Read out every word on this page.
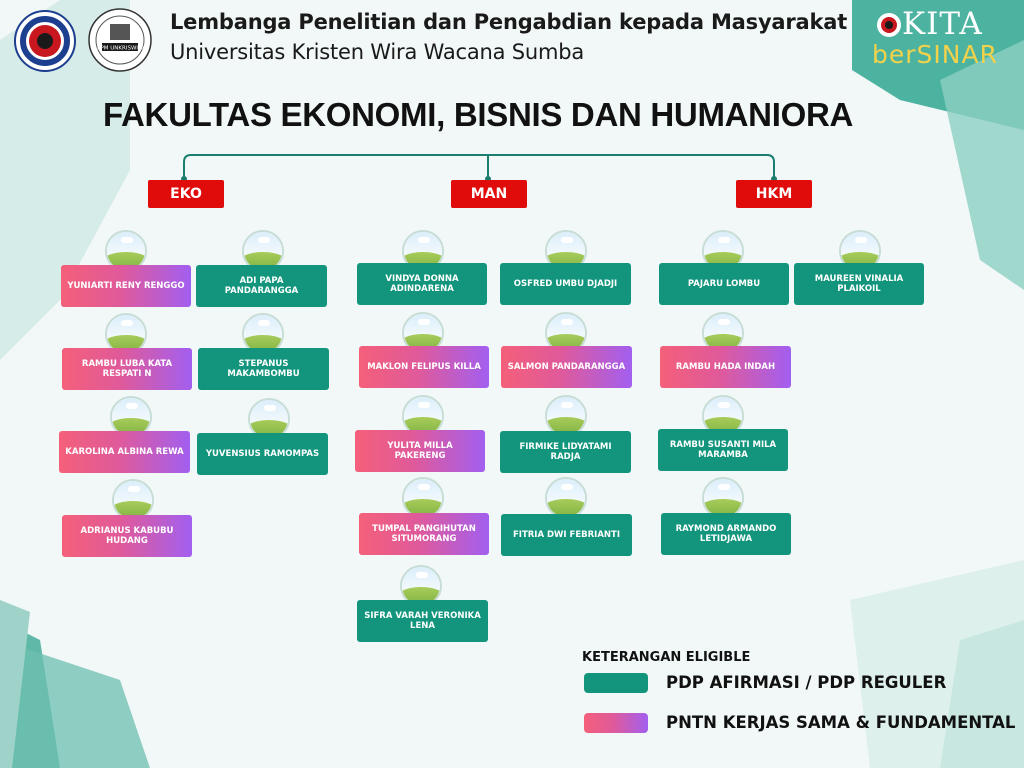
LPPM UNKRISWINA
Lembanga Penelitian dan Pengabdian kepada Masyarakat
Universitas Kristen Wira Wacana Sumba
KITA
berSINAR
FAKULTAS EKONOMI, BISNIS DAN HUMANIORA
EKO	MAN	HKM
YUNIARTI RENY RENGGO	ADI PAPA PANDARANGGA
RAMBU LUBA KATA RESPATI N
STEPANUS MAKAMBOMBU
KAROLINA ALBINA REWA	YUVENSIUS RAMOMPAS
ADRIANUS KABUBU HUDANG
VINDYA DONNA ADINDARENA	OSFRED UMBU DJADJI
MAKLON FELIPUS KILLA	SALMON PANDARANGGA
YULITA MILLA PAKERENG
FIRMIKE LIDYATAMI RADJA
TUMPAL PANGIHUTAN SITUMORANG	FITRIA DWI FEBRIANTI
SIFRA VARAH VERONIKA LENA
PAJARU LOMBU	MAUREEN VINALIA PLAIKOIL
RAMBU HADA INDAH
RAMBU SUSANTI MILA MARAMBA
RAYMOND ARMANDO LETIDJAWA
KETERANGAN ELIGIBLE
PDP AFIRMASI / PDP REGULER
PNTN KERJAS SAMA & FUNDAMENTAL
